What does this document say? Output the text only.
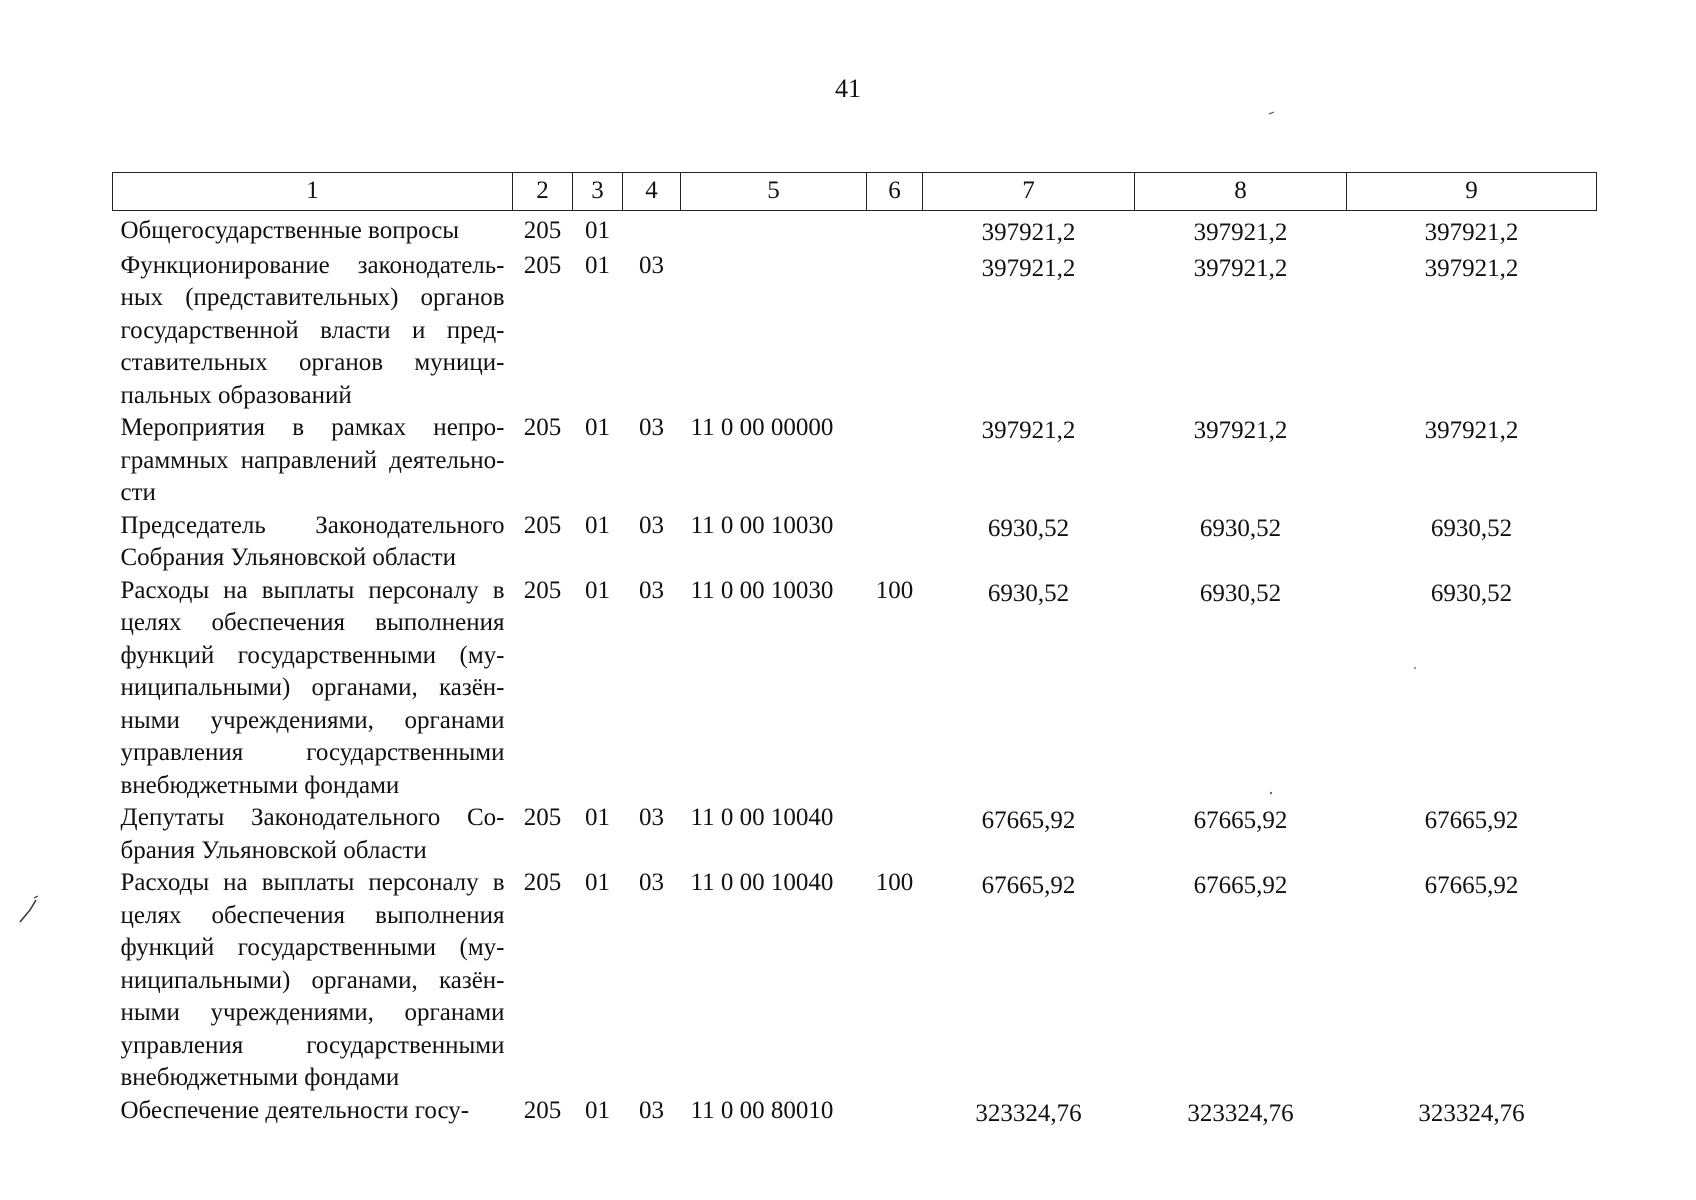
41
1	2	3	4	5	6	7	8	9
Общегосударственные вопросы	205	01				397921,2	397921,2	397921,2
Функционирование законодательных (представительных) органов государственной власти и представительных органов муниципальных образований	205	01	03			397921,2	397921,2	397921,2
Мероприятия в рамках непрограммных направлений деятельности	205	01	03	11 0 00 00000		397921,2	397921,2	397921,2
Председатель Законодательного Собрания Ульяновской области	205	01	03	11 0 00 10030		6930,52	6930,52	6930,52
Расходы на выплаты персоналу в целях обеспечения выполнения функций государственными (муниципальными) органами, казёнными учреждениями, органами управления государственными внебюджетными фондами	205	01	03	11 0 00 10030	100	6930,52	6930,52	6930,52
Депутаты Законодательного Собрания Ульяновской области	205	01	03	11 0 00 10040		67665,92	67665,92	67665,92
Расходы на выплаты персоналу в целях обеспечения выполнения функций государственными (муниципальными) органами, казёнными учреждениями, органами управления государственными внебюджетными фондами	205	01	03	11 0 00 10040	100	67665,92	67665,92	67665,92
Обеспечение деятельности госу-	205	01	03	11 0 00 80010		323324,76	323324,76	323324,76
